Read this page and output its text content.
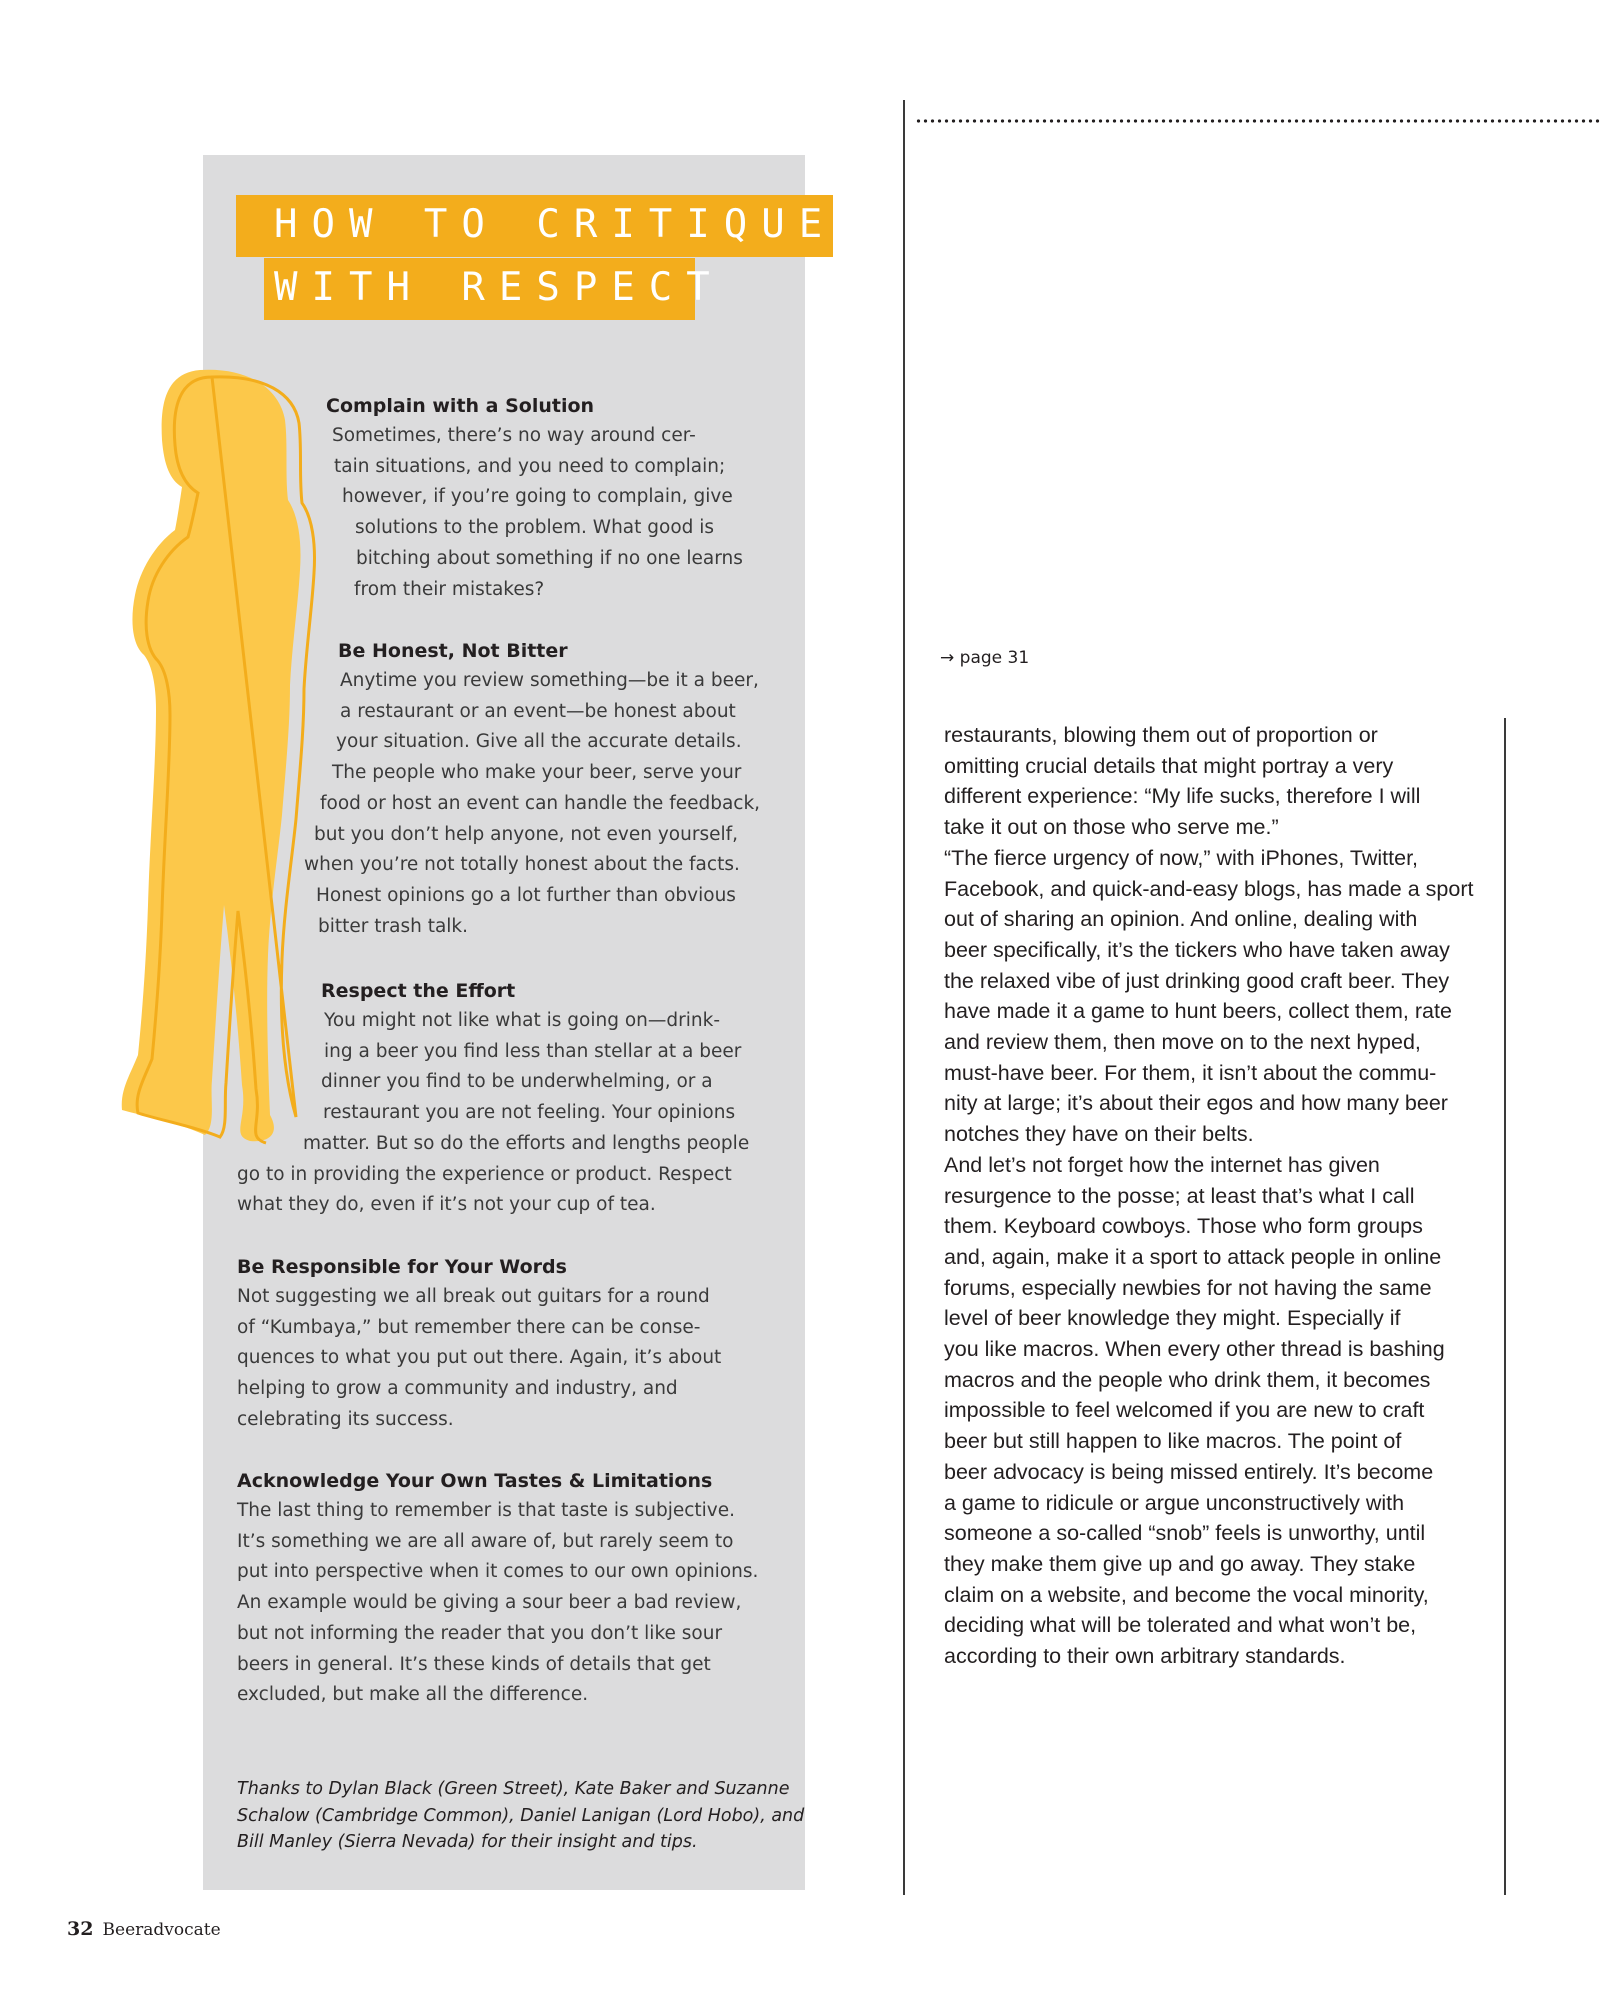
HOW TO CRITIQUE
WITH RESPECT
Complain with a Solution
Sometimes, there’s no way around cer-
tain situations, and you need to complain;
however, if you’re going to complain, give
solutions to the problem. What good is
bitching about something if no one learns
from their mistakes?
Be Honest, Not Bitter
Anytime you review something—be it a beer,
a restaurant or an event—be honest about
your situation. Give all the accurate details.
The people who make your beer, serve your
food or host an event can handle the feedback,
but you don’t help anyone, not even yourself,
when you’re not totally honest about the facts.
Honest opinions go a lot further than obvious
bitter trash talk.
Respect the Effort
You might not like what is going on—drink-
ing a beer you find less than stellar at a beer
dinner you find to be underwhelming, or a
restaurant you are not feeling. Your opinions
matter. But so do the efforts and lengths people
go to in providing the experience or product. Respect
what they do, even if it’s not your cup of tea.
Be Responsible for Your Words
Not suggesting we all break out guitars for a round
of “Kumbaya,” but remember there can be conse-
quences to what you put out there. Again, it’s about
helping to grow a community and industry, and
celebrating its success.
Acknowledge Your Own Tastes & Limitations
The last thing to remember is that taste is subjective.
It’s something we are all aware of, but rarely seem to
put into perspective when it comes to our own opinions.
An example would be giving a sour beer a bad review,
but not informing the reader that you don’t like sour
beers in general. It’s these kinds of details that get
excluded, but make all the difference.
Thanks to Dylan Black (Green Street), Kate Baker and Suzanne
Schalow (Cambridge Common), Daniel Lanigan (Lord Hobo), and
Bill Manley (Sierra Nevada) for their insight and tips.
→ page 31
restaurants, blowing them out of proportion or
omitting crucial details that might portray a very
different experience: “My life sucks, therefore I will
take it out on those who serve me.”
“The fierce urgency of now,” with iPhones, Twitter,
Facebook, and quick-and-easy blogs, has made a sport
out of sharing an opinion. And online, dealing with
beer specifically, it’s the tickers who have taken away
the relaxed vibe of just drinking good craft beer. They
have made it a game to hunt beers, collect them, rate
and review them, then move on to the next hyped,
must-have beer. For them, it isn’t about the commu-
nity at large; it’s about their egos and how many beer
notches they have on their belts.
And let’s not forget how the internet has given
resurgence to the posse; at least that’s what I call
them. Keyboard cowboys. Those who form groups
and, again, make it a sport to attack people in online
forums, especially newbies for not having the same
level of beer knowledge they might. Especially if
you like macros. When every other thread is bashing
macros and the people who drink them, it becomes
impossible to feel welcomed if you are new to craft
beer but still happen to like macros. The point of
beer advocacy is being missed entirely. It’s become
a game to ridicule or argue unconstructively with
someone a so-called “snob” feels is unworthy, until
they make them give up and go away. They stake
claim on a website, and become the vocal minority,
deciding what will be tolerated and what won’t be,
according to their own arbitrary standards.
32 Beeradvocate
